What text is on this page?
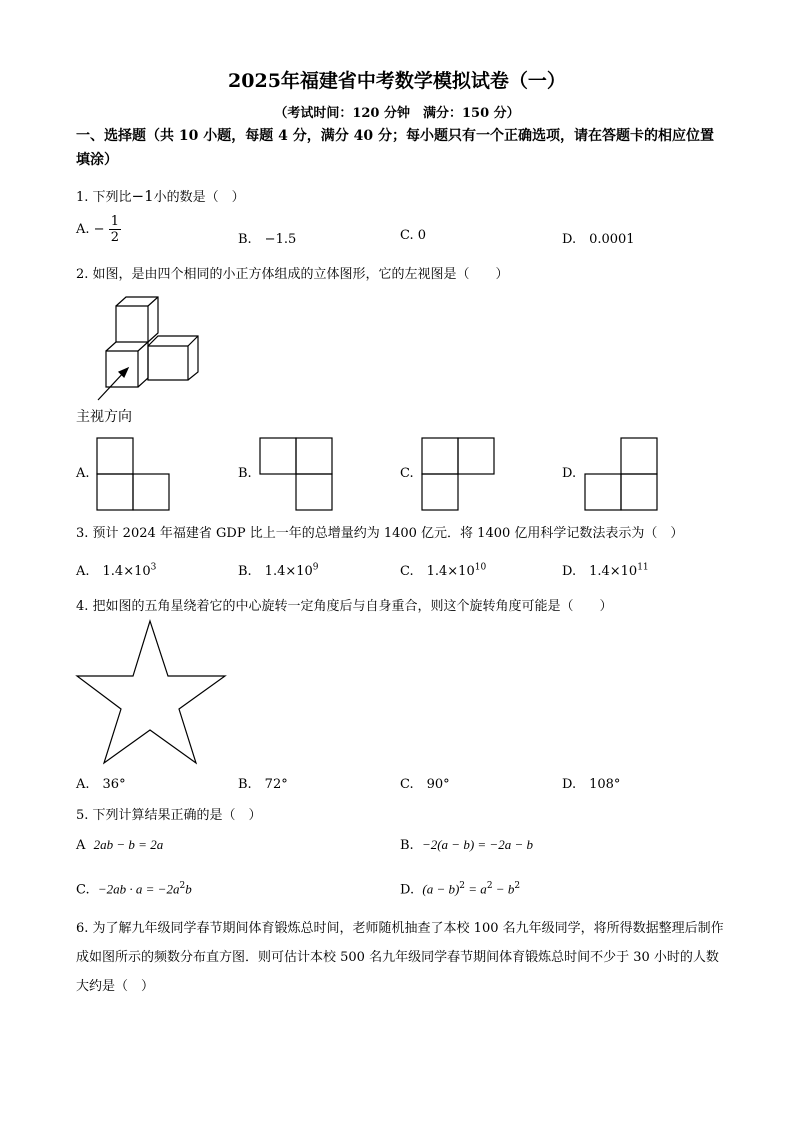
2025年福建省中考数学模拟试卷（一）
（考试时间：120 分钟　满分：150 分）
一、选择题（共 10 小题，每题 4 分，满分 40 分；每小题只有一个正确选项，请在答题卡的相应位置填涂）
1. 下列比−1小的数是（　）
A. − $\frac{1}{2}$	B.　−1.5	C. 0	D.　0.0001
2. 如图，是由四个相同的小正方体组成的立体图形，它的左视图是（　　）
主视方向
A.	B.	C.	D.
3. 预计 2024 年福建省 GDP 比上一年的总增量约为 1400 亿元．将 1400 亿用科学记数法表示为（　）
A.　$1.4\times 10^3$	B.　$1.4\times 10^9$	C.　$1.4\times 10^{10}$	D.　$1.4\times 10^{11}$
4. 把如图的五角星绕着它的中心旋转一定角度后与自身重合，则这个旋转角度可能是（　　）
A.　36°	B.　72°	C.　90°	D.　108°
5. 下列计算结果正确的是（　）
A 2ab − b = 2a	B. −2(a − b) = −2a − b
C. $-2ab \cdot a = -2a^2b$	D. $(a - b)^2 = a^2 - b^2$
6. 为了解九年级同学春节期间体育锻炼总时间，老师随机抽查了本校 100 名九年级同学，将所得数据整理后制作成如图所示的频数分布直方图．则可估计本校 500 名九年级同学春节期间体育锻炼总时间不少于 30 小时的人数大约是（　）
